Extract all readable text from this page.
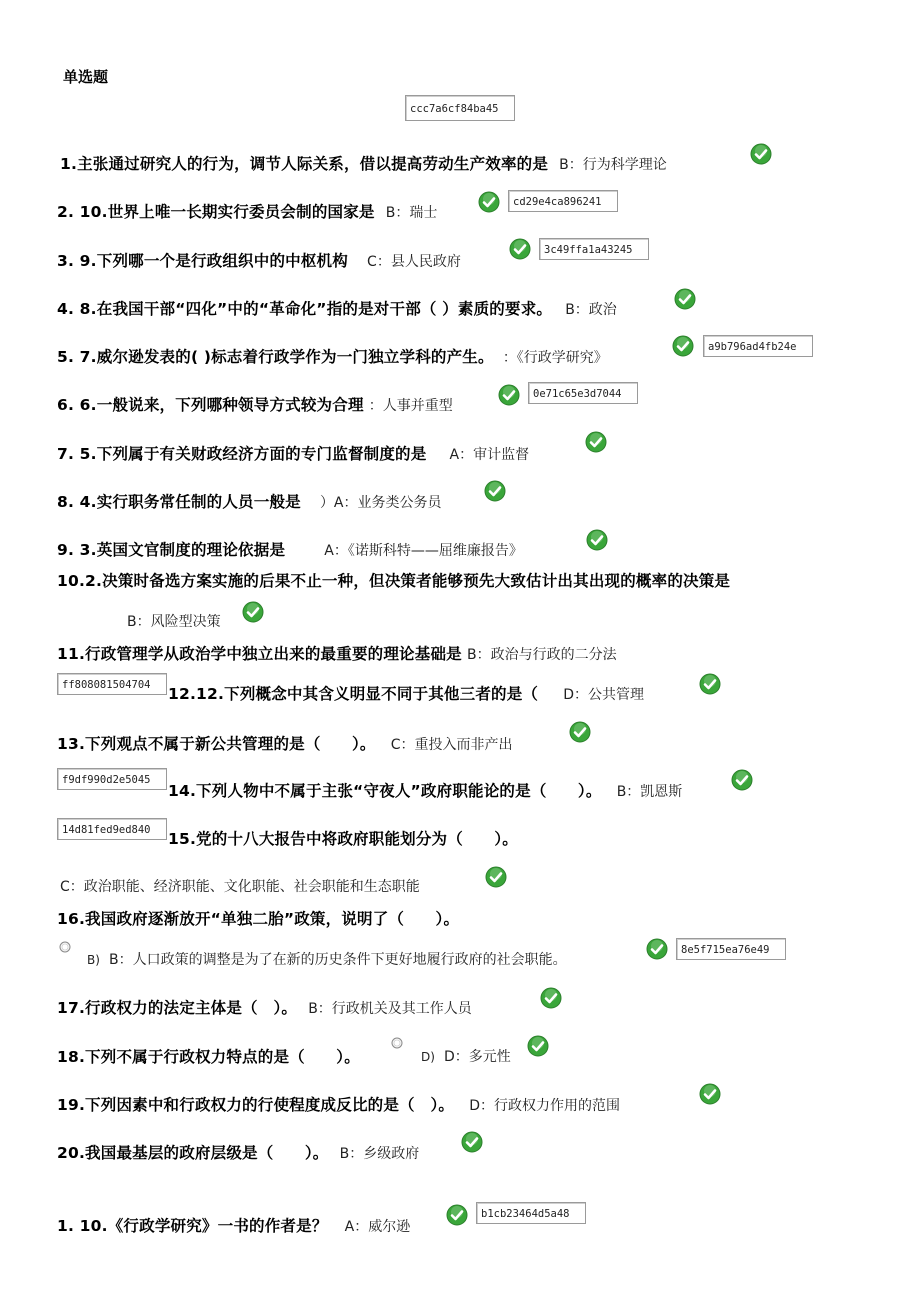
单选题
ccc7a6cf84ba45
1.主张通过研究人的行为，调节人际关系，借以提高劳动生产效率的是 B：行为科学理论
2. 10.世界上唯一长期实行委员会制的国家是 B：瑞士
cd29e4ca896241
3. 9.下列哪一个是行政组织中的中枢机构 C：县人民政府
3c49ffa1a43245
4. 8.在我国干部“四化”中的“革命化”指的是对干部（ ）素质的要求。 B：政治
5. 7.威尔逊发表的( )标志着行政学作为一门独立学科的产生。 ：《行政学研究》
a9b796ad4fb24e
6. 6.一般说来，下列哪种领导方式较为合理 ：人事并重型
0e71c65e3d7044
7. 5.下列属于有关财政经济方面的专门监督制度的是 A：审计监督
8. 4.实行职务常任制的人员一般是 ）A：业务类公务员
9. 3.英国文官制度的理论依据是	A：《诺斯科特——屈维廉报告》
10.2.决策时备选方案实施的后果不止一种，但决策者能够预先大致估计出其出现的概率的决策是
B：风险型决策
11.行政管理学从政治学中独立出来的最重要的理论基础是 B：政治与行政的二分法
ff808081504704	12.12.下列概念中其含义明显不同于其他三者的是（ D：公共管理
13.下列观点不属于新公共管理的是（　　）。 C：重投入而非产出
f9df990d2e5045
14.下列人物中不属于主张“守夜人”政府职能论的是（　　）。 B：凯恩斯
14d81fed9ed840	15.党的十八大报告中将政府职能划分为（　　）。
C：政治职能、经济职能、文化职能、社会职能和生态职能
16.我国政府逐渐放开“单独二胎”政策，说明了（　　）。
B) B：人口政策的调整是为了在新的历史条件下更好地履行政府的社会职能。
8e5f715ea76e49
17.行政权力的法定主体是（　）。 B：行政机关及其工作人员
18.下列不属于行政权力特点的是（　　）。	D) D：多元性
19.下列因素中和行政权力的行使程度成反比的是（　）。 D：行政权力作用的范围
20.我国最基层的政府层级是（　　）。 B：乡级政府
1. 10.《行政学研究》一书的作者是？ A：威尔逊
b1cb23464d5a48
